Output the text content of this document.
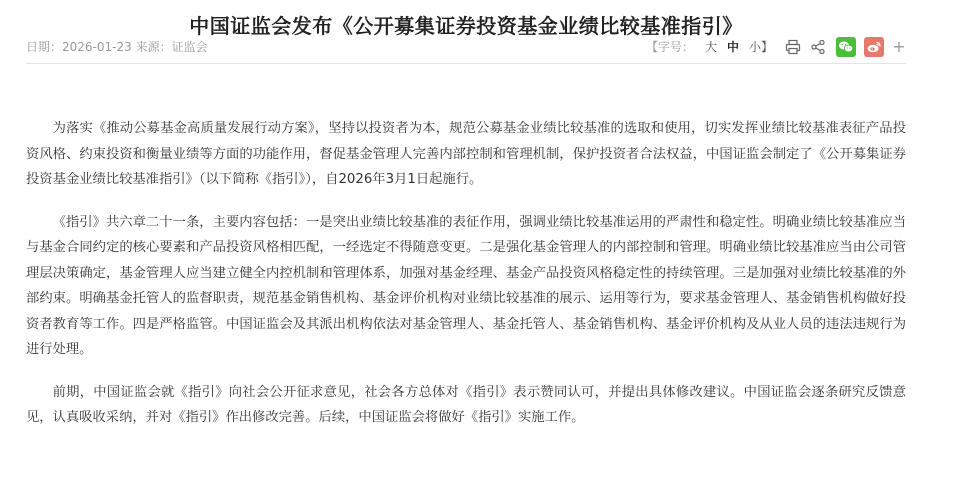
中国证监会发布《公开募集证券投资基金业绩比较基准指引》
日期：2026-01-23 来源：证监会	【字号： 大 中 小】	+

为落实《推动公募基金高质量发展行动方案》，坚持以投资者为本，规范公募基金业绩比较基准的选取和使用，切实发挥业绩比较基准表征产品投资风格、约束投资和衡量业绩等方面的功能作用，督促基金管理人完善内部控制和管理机制，保护投资者合法权益，中国证监会制定了《公开募集证券投资基金业绩比较基准指引》（以下简称《指引》），自2026年3月1日起施行。

《指引》共六章二十一条，主要内容包括：一是突出业绩比较基准的表征作用，强调业绩比较基准运用的严肃性和稳定性。明确业绩比较基准应当与基金合同约定的核心要素和产品投资风格相匹配，一经选定不得随意变更。二是强化基金管理人的内部控制和管理。明确业绩比较基准应当由公司管理层决策确定，基金管理人应当建立健全内控机制和管理体系，加强对基金经理、基金产品投资风格稳定性的持续管理。三是加强对业绩比较基准的外部约束。明确基金托管人的监督职责，规范基金销售机构、基金评价机构对业绩比较基准的展示、运用等行为，要求基金管理人、基金销售机构做好投资者教育等工作。四是严格监管。中国证监会及其派出机构依法对基金管理人、基金托管人、基金销售机构、基金评价机构及从业人员的违法违规行为进行处理。

前期，中国证监会就《指引》向社会公开征求意见，社会各方总体对《指引》表示赞同认可，并提出具体修改建议。中国证监会逐条研究反馈意见，认真吸收采纳，并对《指引》作出修改完善。后续，中国证监会将做好《指引》实施工作。
